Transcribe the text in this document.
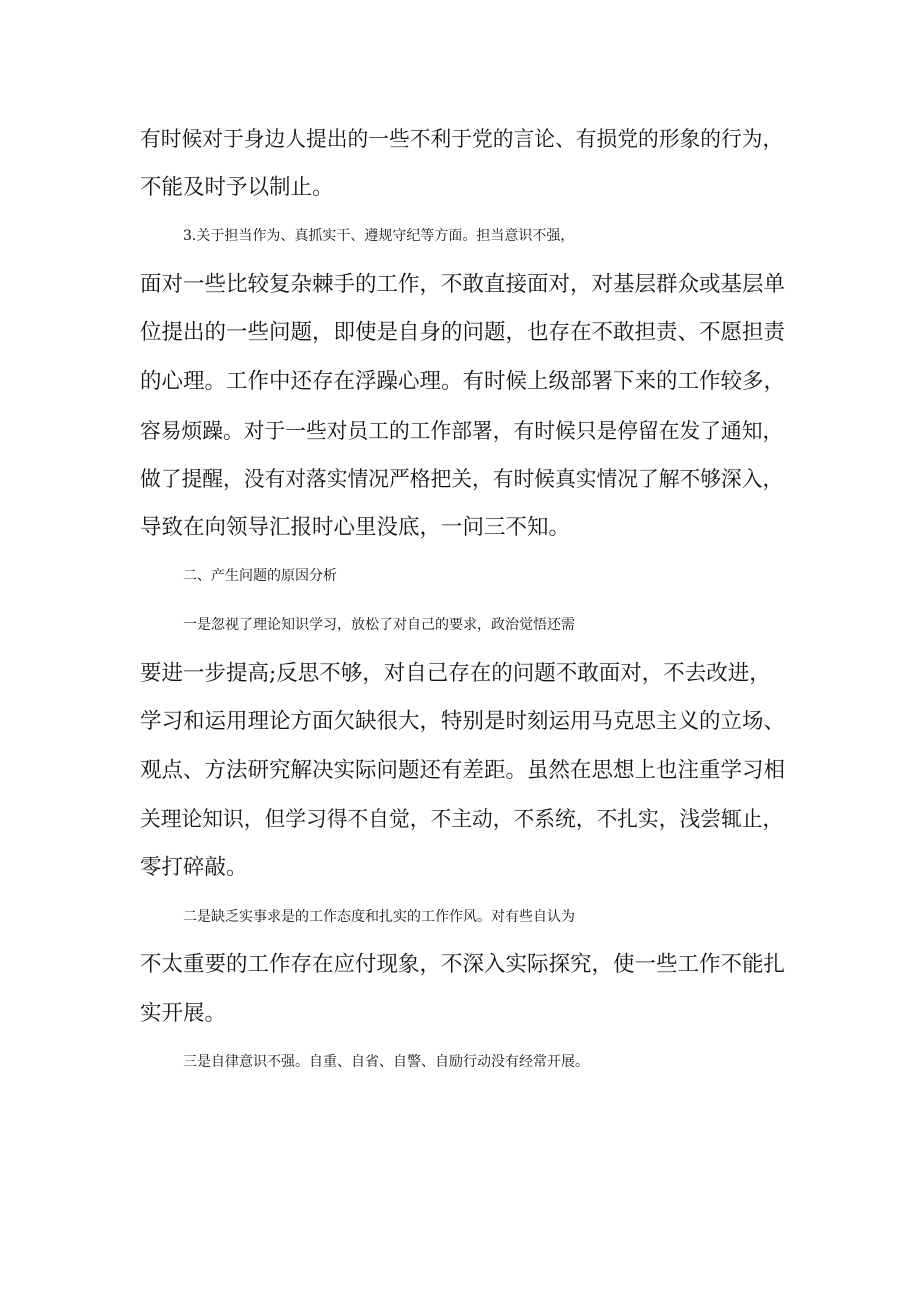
有时候对于身边人提出的一些不利于党的言论、有损党的形象的行为，
不能及时予以制止。

3.关于担当作为、真抓实干、遵规守纪等方面。担当意识不强，
面对一些比较复杂棘手的工作，不敢直接面对，对基层群众或基层单
位提出的一些问题，即使是自身的问题，也存在不敢担责、不愿担责
的心理。工作中还存在浮躁心理。有时候上级部署下来的工作较多，
容易烦躁。对于一些对员工的工作部署，有时候只是停留在发了通知，
做了提醒，没有对落实情况严格把关，有时候真实情况了解不够深入，
导致在向领导汇报时心里没底，一问三不知。

二、产生问题的原因分析

一是忽视了理论知识学习，放松了对自己的要求，政治觉悟还需
要进一步提高;反思不够，对自己存在的问题不敢面对，不去改进，
学习和运用理论方面欠缺很大，特别是时刻运用马克思主义的立场、
观点、方法研究解决实际问题还有差距。虽然在思想上也注重学习相
关理论知识，但学习得不自觉，不主动，不系统，不扎实，浅尝辄止，
零打碎敲。

二是缺乏实事求是的工作态度和扎实的工作作风。对有些自认为
不太重要的工作存在应付现象，不深入实际探究，使一些工作不能扎
实开展。

三是自律意识不强。自重、自省、自警、自励行动没有经常开展。
